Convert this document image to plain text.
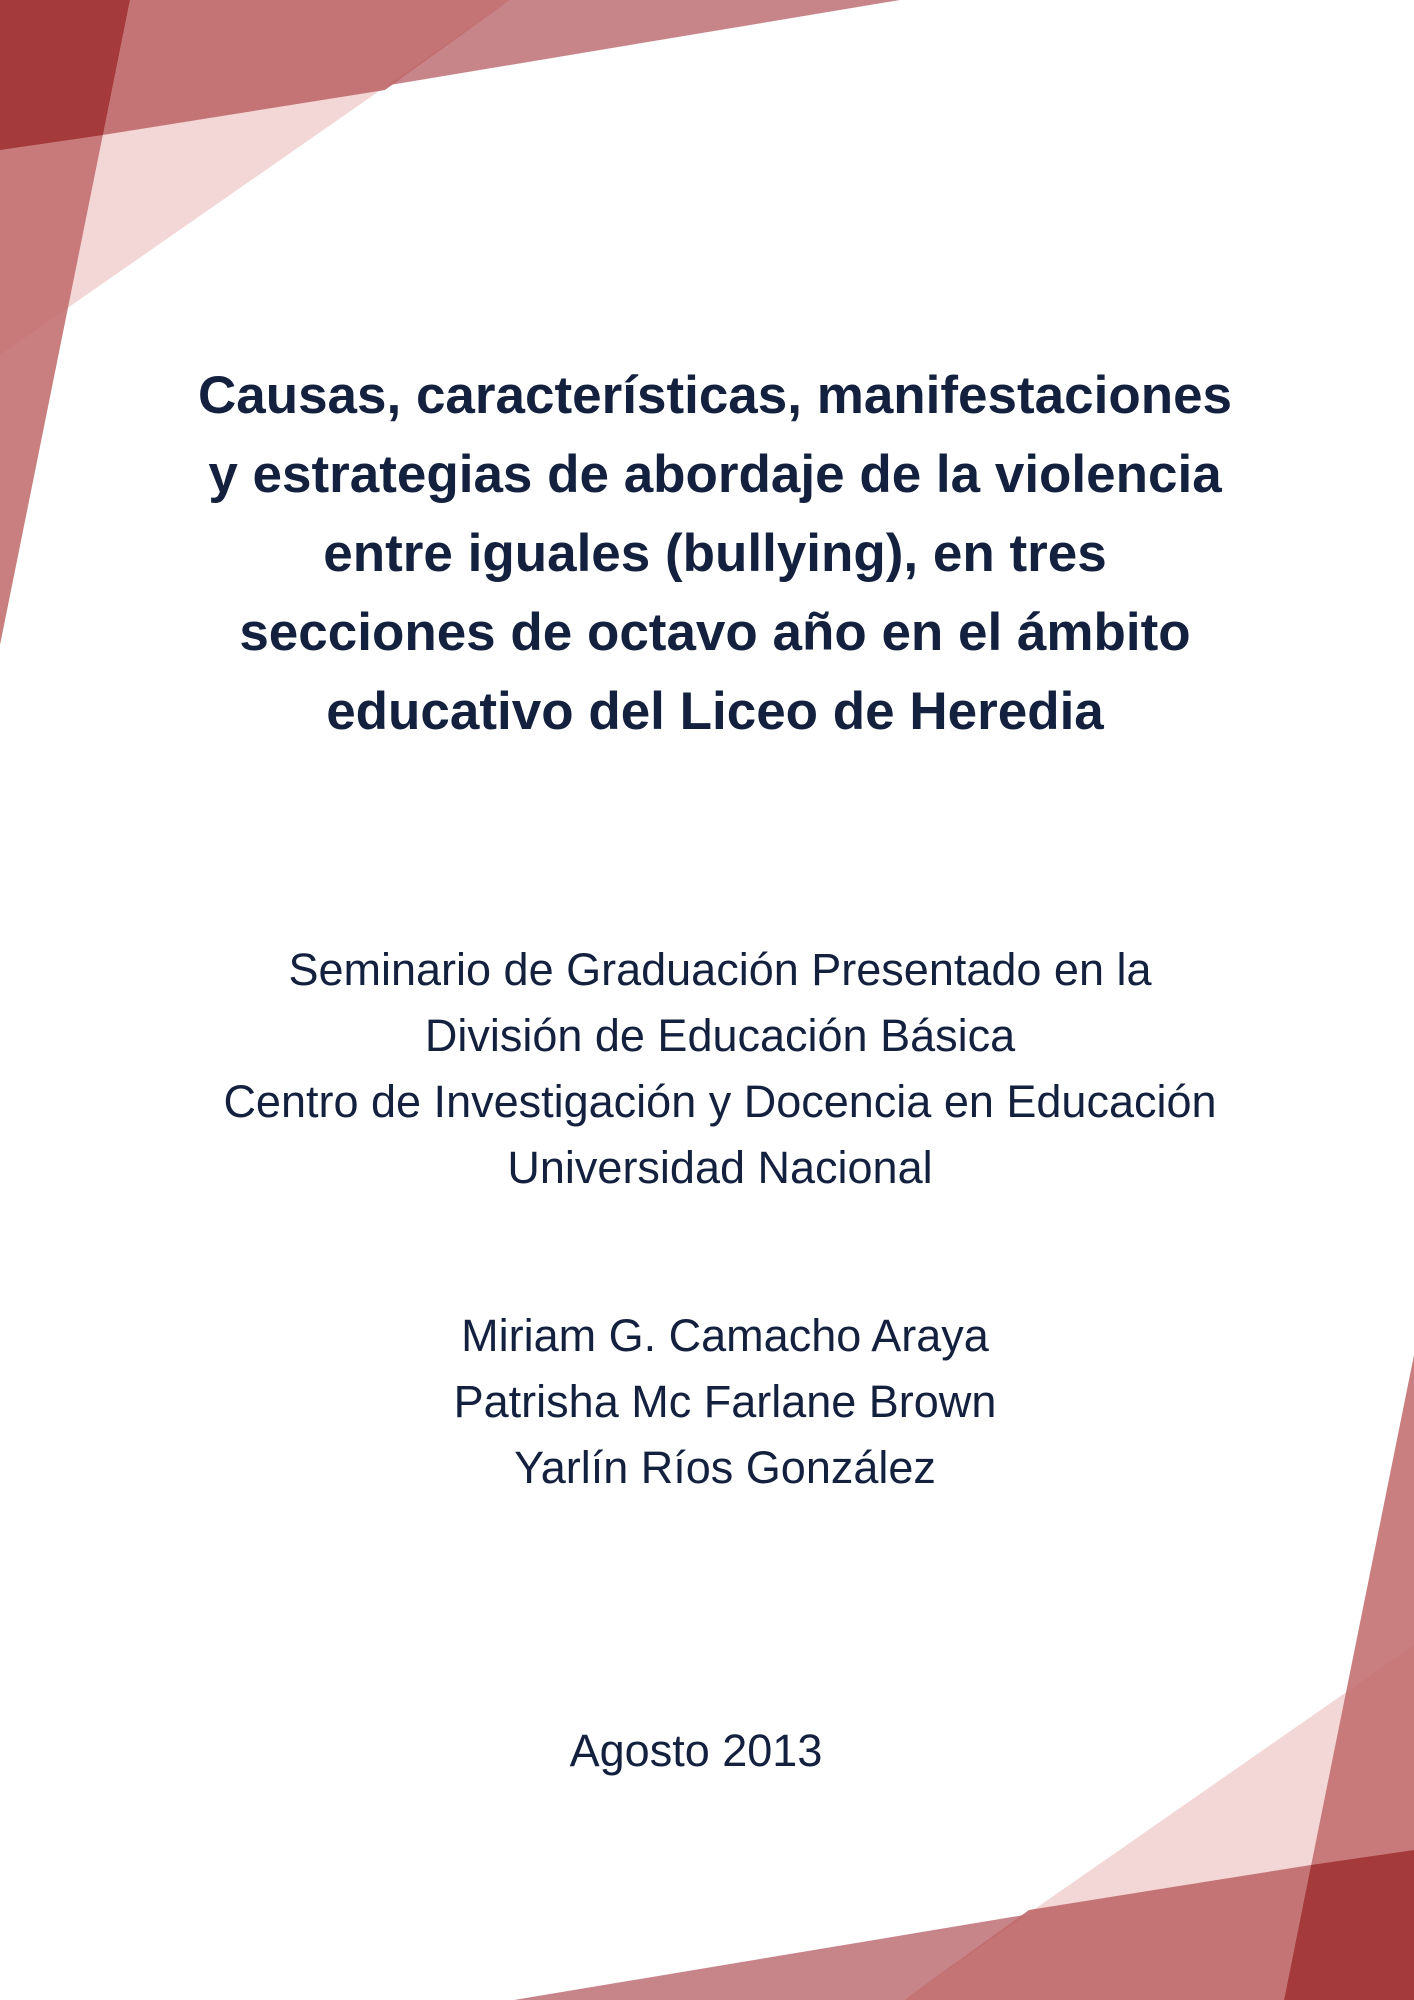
Causas, características, manifestaciones
y estrategias de abordaje de la violencia
entre iguales (bullying), en tres
secciones de octavo año en el ámbito
educativo del Liceo de Heredia
Seminario de Graduación Presentado en la
División de Educación Básica
Centro de Investigación y Docencia en Educación
Universidad Nacional
Miriam G. Camacho Araya
Patrisha Mc Farlane Brown
Yarlín Ríos González
Agosto 2013
